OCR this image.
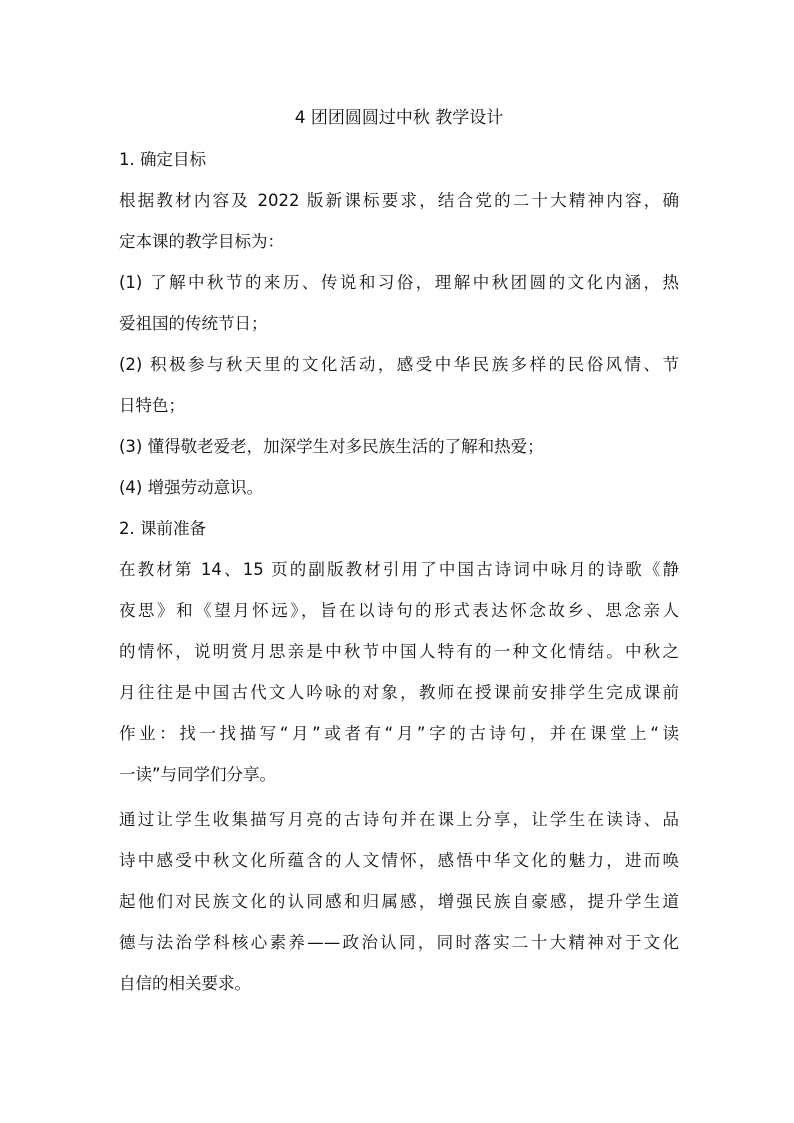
4 团团圆圆过中秋 教学设计
1. 确定目标
根据教材内容及 2022 版新课标要求，结合党的二十大精神内容，确
定本课的教学目标为：
(1) 了解中秋节的来历、传说和习俗，理解中秋团圆的文化内涵，热
爱祖国的传统节日；
(2) 积极参与秋天里的文化活动，感受中华民族多样的民俗风情、节
日特色；
(3) 懂得敬老爱老，加深学生对多民族生活的了解和热爱；
(4) 增强劳动意识。
2. 课前准备
在教材第 14、15 页的副版教材引用了中国古诗词中咏月的诗歌《静
夜思》和《望月怀远》，旨在以诗句的形式表达怀念故乡、思念亲人
的情怀，说明赏月思亲是中秋节中国人特有的一种文化情结。中秋之
月往往是中国古代文人吟咏的对象，教师在授课前安排学生完成课前
作业：找一找描写“月”或者有“月”字的古诗句，并在课堂上“读
一读”与同学们分享。
通过让学生收集描写月亮的古诗句并在课上分享，让学生在读诗、品
诗中感受中秋文化所蕴含的人文情怀，感悟中华文化的魅力，进而唤
起他们对民族文化的认同感和归属感，增强民族自豪感，提升学生道
德与法治学科核心素养——政治认同，同时落实二十大精神对于文化
自信的相关要求。
